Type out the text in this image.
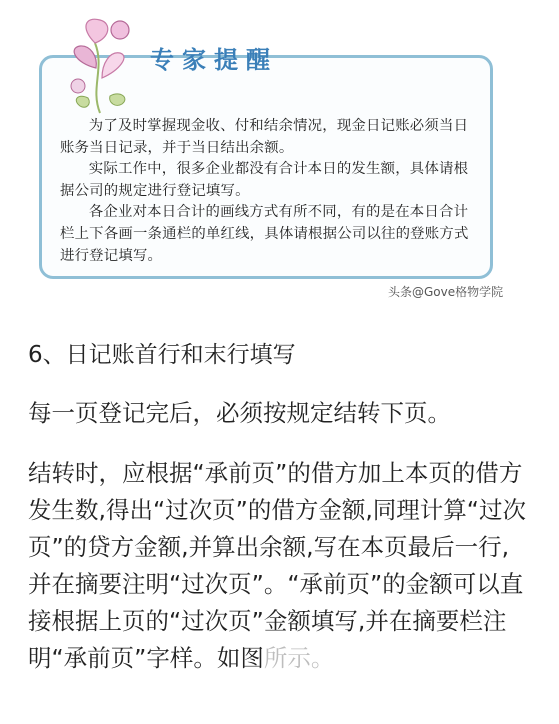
专家提醒

为了及时掌握现金收、付和结余情况，现金日记账必须当日账务当日记录，并于当日结出余额。

实际工作中，很多企业都没有合计本日的发生额，具体请根据公司的规定进行登记填写。

各企业对本日合计的画线方式有所不同，有的是在本日合计栏上下各画一条通栏的单红线，具体请根据公司以往的登账方式进行登记填写。

头条@Gove格物学院
6、日记账首行和末行填写

每一页登记完后，必须按规定结转下页。

结转时，应根据“承前页”的借方加上本页的借方发生数,得出“过次页”的借方金额,同理计算“过次页”的贷方金额,并算出余额,写在本页最后一行,并在摘要注明“过次页”。“承前页”的金额可以直接根据上页的“过次页”金额填写,并在摘要栏注明“承前页”字样。如图所示。
